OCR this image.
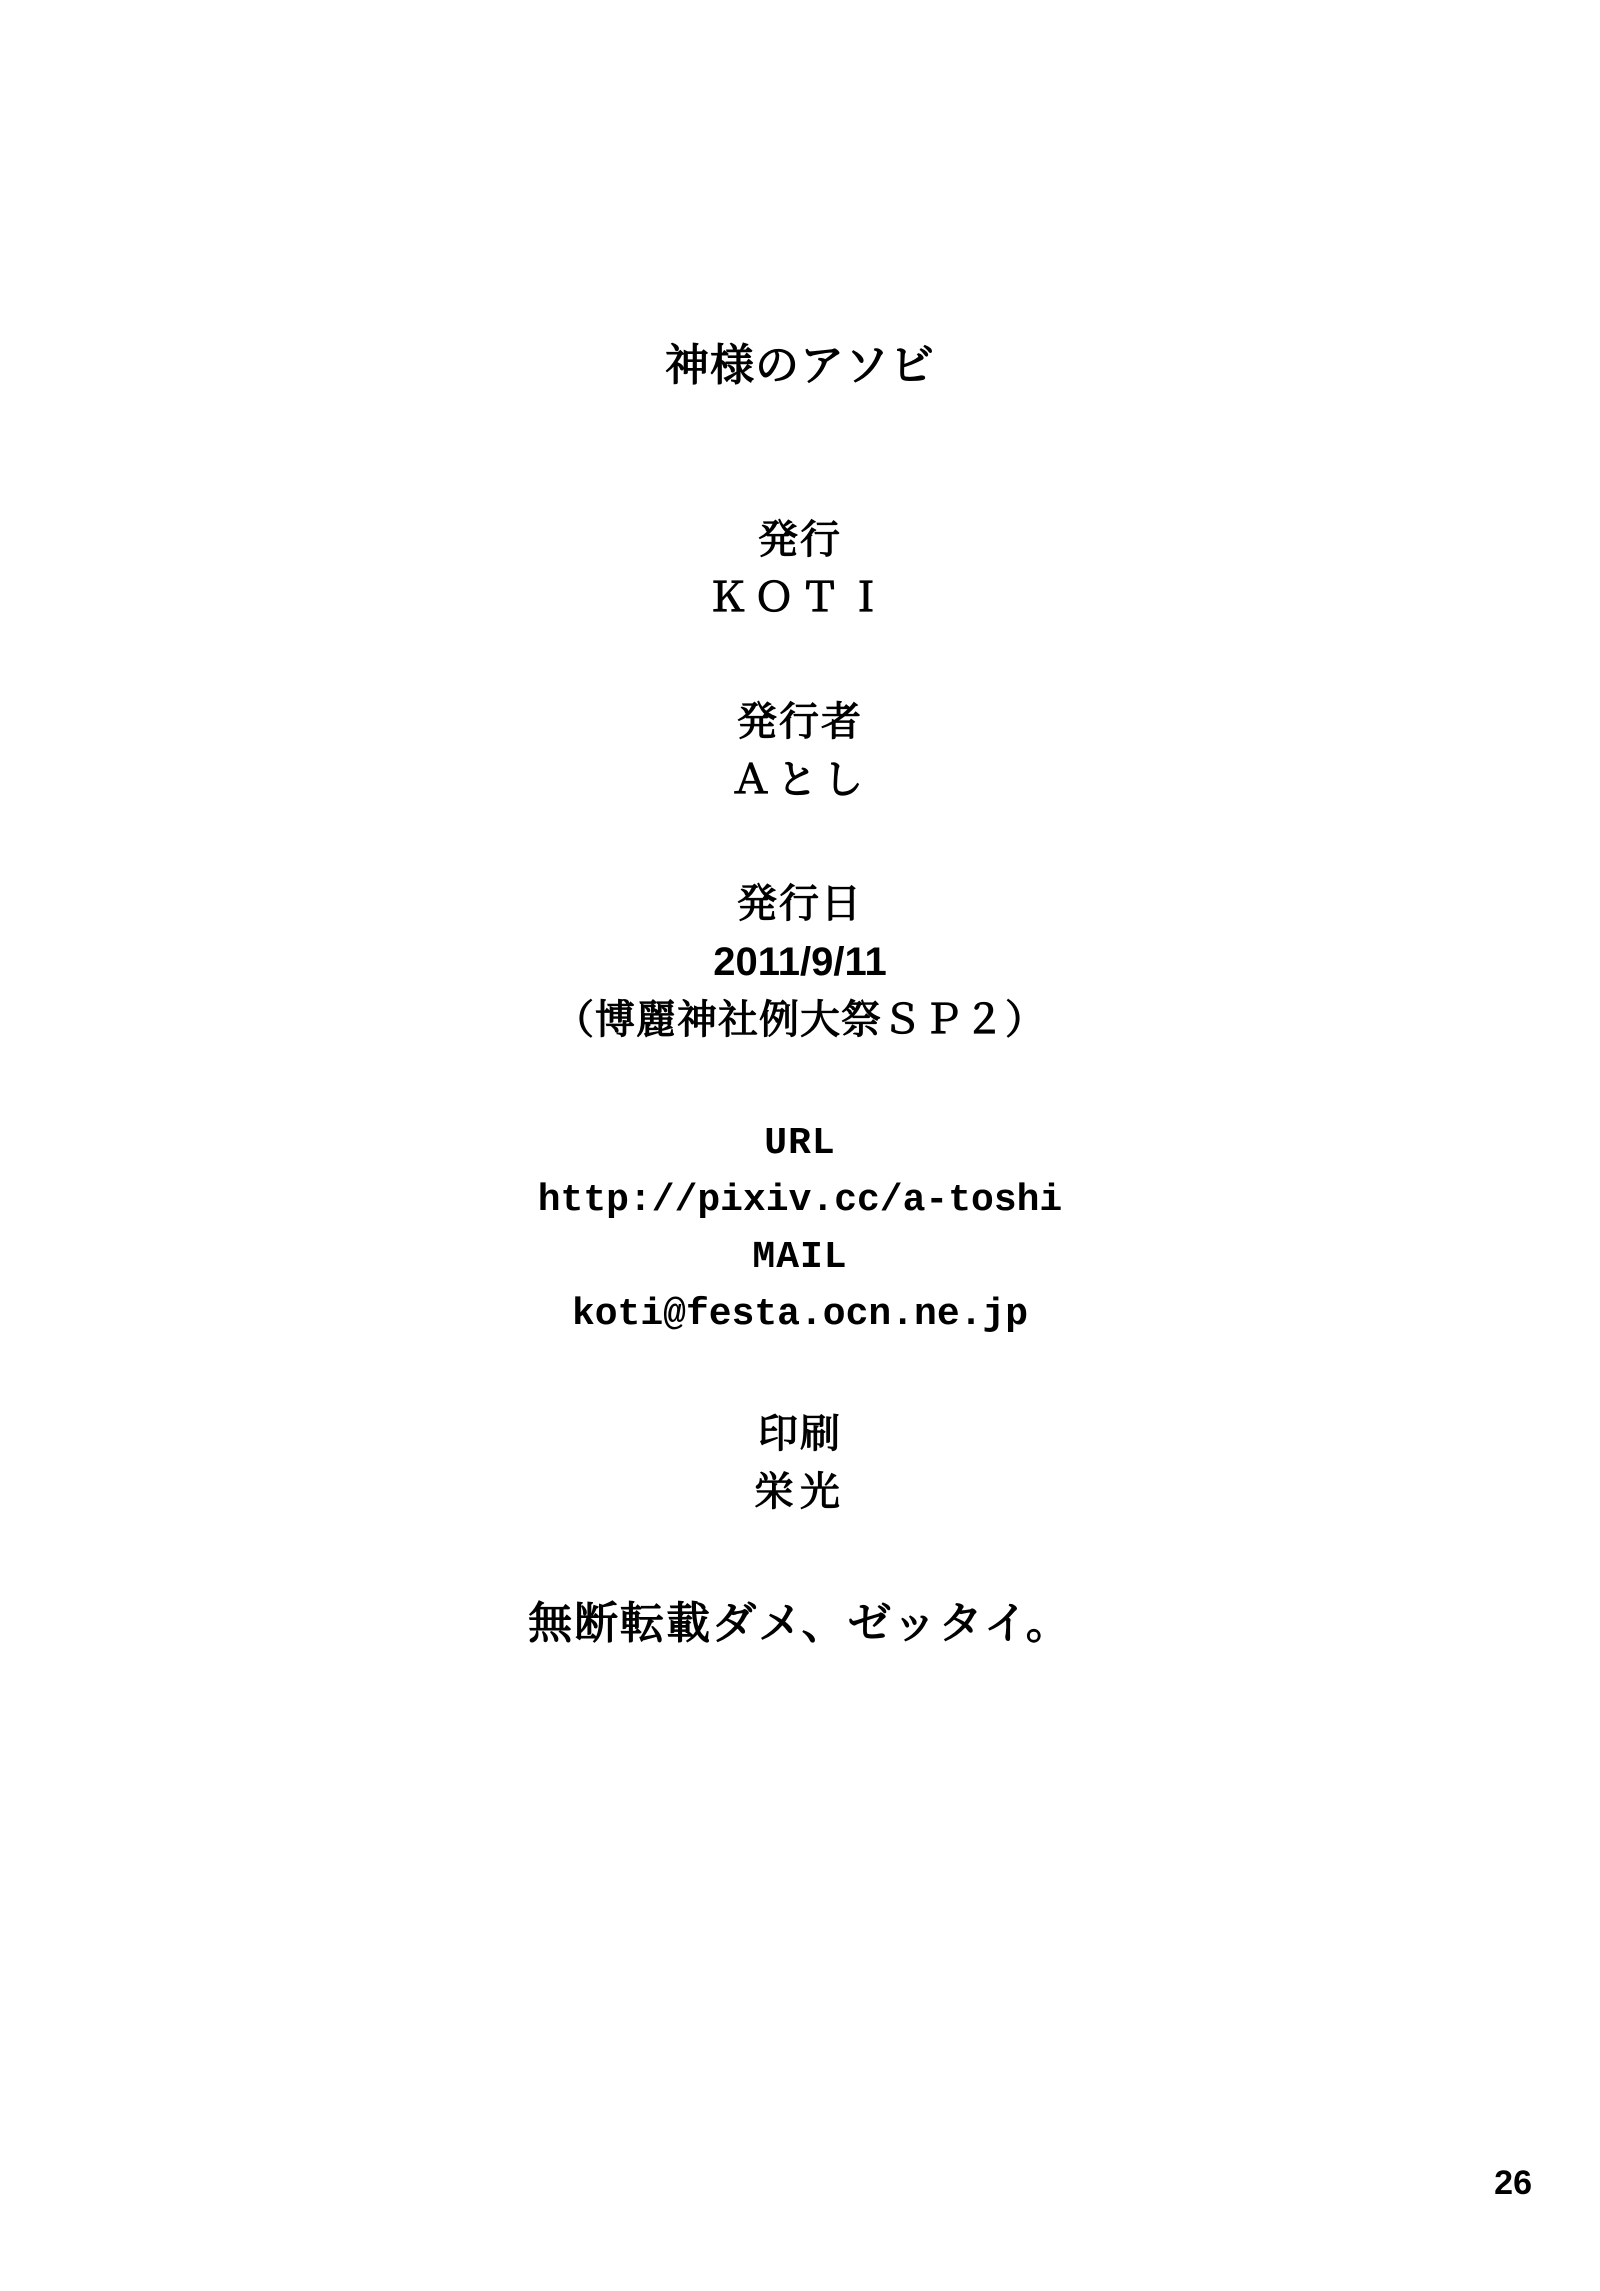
神様のアソビ
発行
ＫＯＴＩ
発行者
Ａとし
発行日
2011/9/11
（博麗神社例大祭ＳＰ２）
URL
http://pixiv.cc/a-toshi
MAIL
koti@festa.ocn.ne.jp
印刷
栄光
無断転載ダメ、ゼッタイ。
26
